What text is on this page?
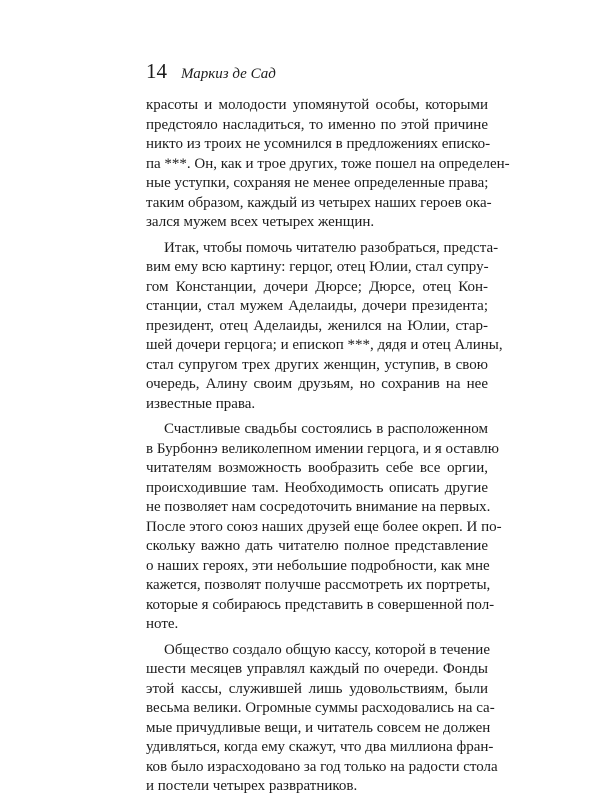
14 Маркиз де Сад
красоты и молодости упомянутой особы, которыми
предстояло насладиться, то именно по этой причине
никто из троих не усомнился в предложениях еписко-
па ***. Он, как и трое других, тоже пошел на определен-
ные уступки, сохраняя не менее определенные права;
таким образом, каждый из четырех наших героев ока-
зался мужем всех четырех женщин.
Итак, чтобы помочь читателю разобраться, предста-
вим ему всю картину: герцог, отец Юлии, стал супру-
гом Констанции, дочери Дюрсе; Дюрсе, отец Кон-
станции, стал мужем Аделаиды, дочери президента;
президент, отец Аделаиды, женился на Юлии, стар-
шей дочери герцога; и епископ ***, дядя и отец Алины,
стал супругом трех других женщин, уступив, в свою
очередь, Алину своим друзьям, но сохранив на нее
известные права.
Счастливые свадьбы состоялись в расположенном
в Бурбоннэ великолепном имении герцога, и я оставлю
читателям возможность вообразить себе все оргии,
происходившие там. Необходимость описать другие
не позволяет нам сосредоточить внимание на первых.
После этого союз наших друзей еще более окреп. И по-
скольку важно дать читателю полное представление
о наших героях, эти небольшие подробности, как мне
кажется, позволят получше рассмотреть их портреты,
которые я собираюсь представить в совершенной пол-
ноте.
Общество создало общую кассу, которой в течение
шести месяцев управлял каждый по очереди. Фонды
этой кассы, служившей лишь удовольствиям, были
весьма велики. Огромные суммы расходовались на са-
мые причудливые вещи, и читатель совсем не должен
удивляться, когда ему скажут, что два миллиона фран-
ков было израсходовано за год только на радости стола
и постели четырех развратников.
